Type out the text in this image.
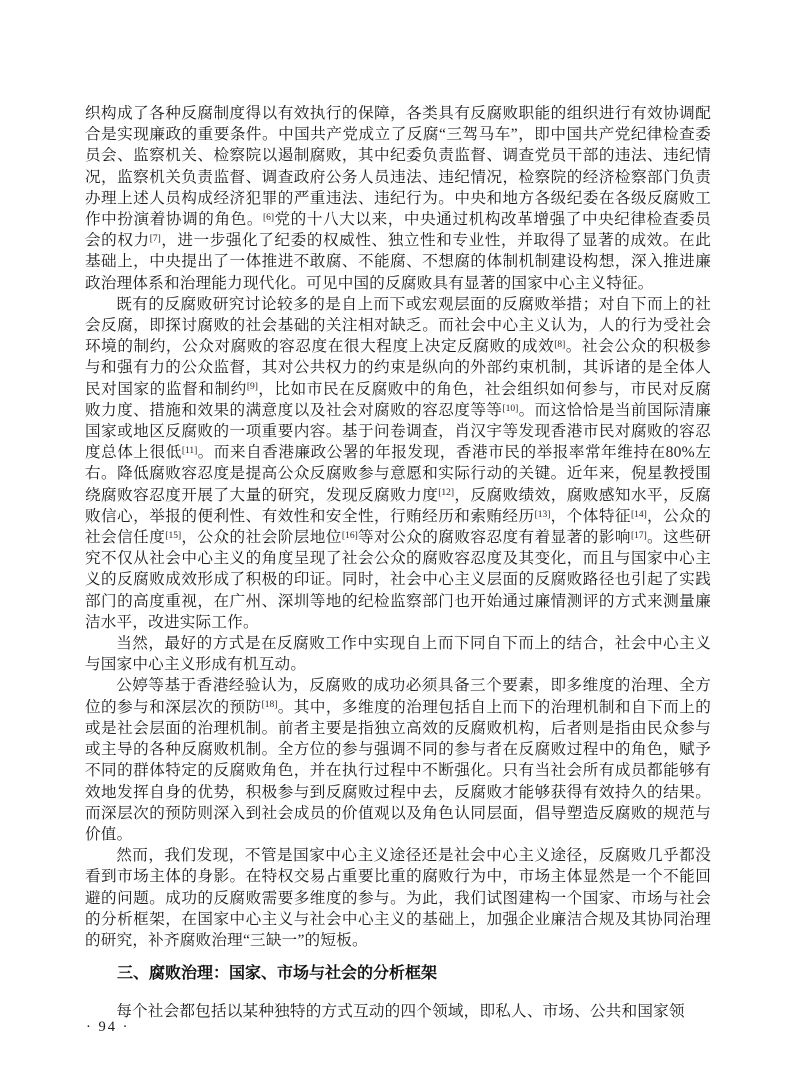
织构成了各种反腐制度得以有效执行的保障，各类具有反腐败职能的组织进行有效协调配合是实现廉政的重要条件。中国共产党成立了反腐“三驾马车”，即中国共产党纪律检查委员会、监察机关、检察院以遏制腐败，其中纪委负责监督、调查党员干部的违法、违纪情况，监察机关负责监督、调查政府公务人员违法、违纪情况，检察院的经济检察部门负责办理上述人员构成经济犯罪的严重违法、违纪行为。中央和地方各级纪委在各级反腐败工作中扮演着协调的角色。[6]党的十八大以来，中央通过机构改革增强了中央纪律检查委员会的权力[7]，进一步强化了纪委的权威性、独立性和专业性，并取得了显著的成效。在此基础上，中央提出了一体推进不敢腐、不能腐、不想腐的体制机制建设构想，深入推进廉政治理体系和治理能力现代化。可见中国的反腐败具有显著的国家中心主义特征。

既有的反腐败研究讨论较多的是自上而下或宏观层面的反腐败举措；对自下而上的社会反腐，即探讨腐败的社会基础的关注相对缺乏。而社会中心主义认为，人的行为受社会环境的制约，公众对腐败的容忍度在很大程度上决定反腐败的成效[8]。社会公众的积极参与和强有力的公众监督，其对公共权力的约束是纵向的外部约束机制，其诉诸的是全体人民对国家的监督和制约[9]，比如市民在反腐败中的角色，社会组织如何参与，市民对反腐败力度、措施和效果的满意度以及社会对腐败的容忍度等等[10]。而这恰恰是当前国际清廉国家或地区反腐败的一项重要内容。基于问卷调查，肖汉宇等发现香港市民对腐败的容忍度总体上很低[11]。而来自香港廉政公署的年报发现，香港市民的举报率常年维持在80%左右。降低腐败容忍度是提高公众反腐败参与意愿和实际行动的关键。近年来，倪星教授围绕腐败容忍度开展了大量的研究，发现反腐败力度[12]，反腐败绩效，腐败感知水平，反腐败信心，举报的便利性、有效性和安全性，行贿经历和索贿经历[13]，个体特征[14]，公众的社会信任度[15]，公众的社会阶层地位[16]等对公众的腐败容忍度有着显著的影响[17]。这些研究不仅从社会中心主义的角度呈现了社会公众的腐败容忍度及其变化，而且与国家中心主义的反腐败成效形成了积极的印证。同时，社会中心主义层面的反腐败路径也引起了实践部门的高度重视，在广州、深圳等地的纪检监察部门也开始通过廉情测评的方式来测量廉洁水平，改进实际工作。

当然，最好的方式是在反腐败工作中实现自上而下同自下而上的结合，社会中心主义与国家中心主义形成有机互动。

公婷等基于香港经验认为，反腐败的成功必须具备三个要素，即多维度的治理、全方位的参与和深层次的预防[18]。其中，多维度的治理包括自上而下的治理机制和自下而上的或是社会层面的治理机制。前者主要是指独立高效的反腐败机构，后者则是指由民众参与或主导的各种反腐败机制。全方位的参与强调不同的参与者在反腐败过程中的角色，赋予不同的群体特定的反腐败角色，并在执行过程中不断强化。只有当社会所有成员都能够有效地发挥自身的优势，积极参与到反腐败过程中去，反腐败才能够获得有效持久的结果。而深层次的预防则深入到社会成员的价值观以及角色认同层面，倡导塑造反腐败的规范与价值。

然而，我们发现，不管是国家中心主义途径还是社会中心主义途径，反腐败几乎都没看到市场主体的身影。在特权交易占重要比重的腐败行为中，市场主体显然是一个不能回避的问题。成功的反腐败需要多维度的参与。为此，我们试图建构一个国家、市场与社会的分析框架，在国家中心主义与社会中心主义的基础上，加强企业廉洁合规及其协同治理的研究，补齐腐败治理“三缺一”的短板。

三、腐败治理：国家、市场与社会的分析框架

每个社会都包括以某种独特的方式互动的四个领域，即私人、市场、公共和国家领

· 94 ·
